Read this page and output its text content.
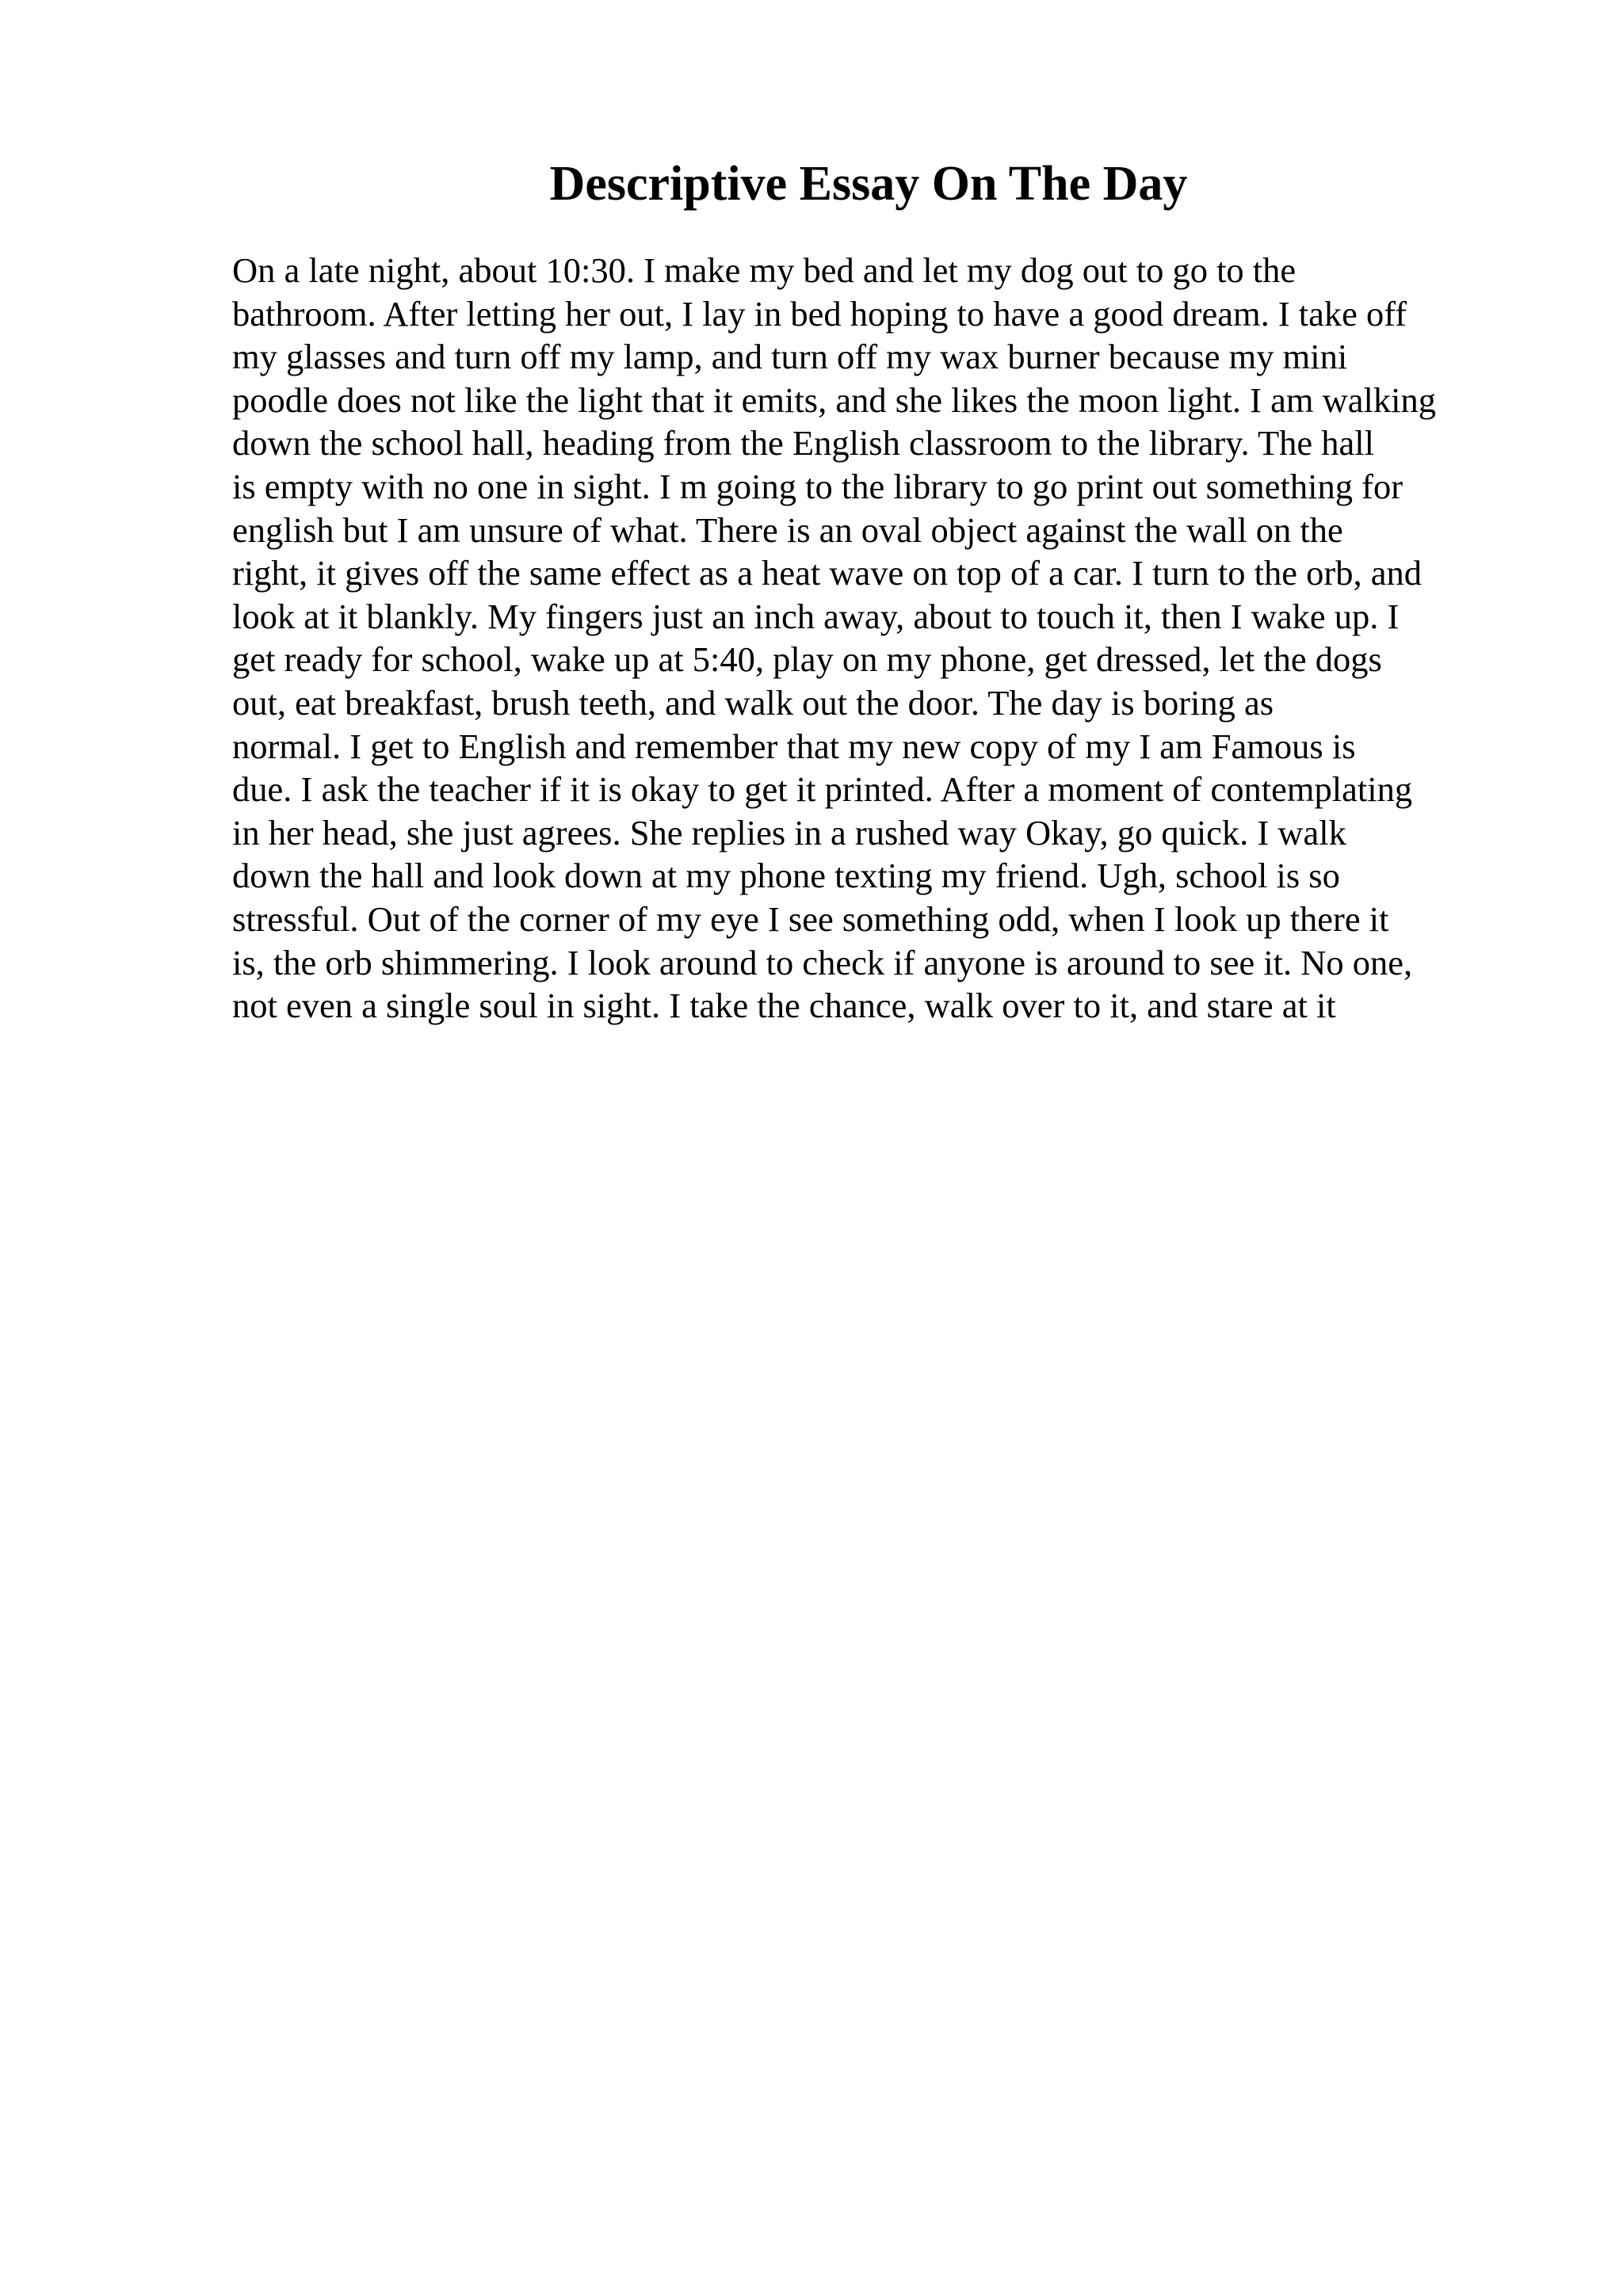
Descriptive Essay On The Day
On a late night, about 10:30. I make my bed and let my dog out to go to the
bathroom. After letting her out, I lay in bed hoping to have a good dream. I take off
my glasses and turn off my lamp, and turn off my wax burner because my mini
poodle does not like the light that it emits, and she likes the moon light. I am walking
down the school hall, heading from the English classroom to the library. The hall
is empty with no one in sight. I m going to the library to go print out something for
english but I am unsure of what. There is an oval object against the wall on the
right, it gives off the same effect as a heat wave on top of a car. I turn to the orb, and
look at it blankly. My fingers just an inch away, about to touch it, then I wake up. I
get ready for school, wake up at 5:40, play on my phone, get dressed, let the dogs
out, eat breakfast, brush teeth, and walk out the door. The day is boring as
normal. I get to English and remember that my new copy of my I am Famous is
due. I ask the teacher if it is okay to get it printed. After a moment of contemplating
in her head, she just agrees. She replies in a rushed way Okay, go quick. I walk
down the hall and look down at my phone texting my friend. Ugh, school is so
stressful. Out of the corner of my eye I see something odd, when I look up there it
is, the orb shimmering. I look around to check if anyone is around to see it. No one,
not even a single soul in sight. I take the chance, walk over to it, and stare at it
